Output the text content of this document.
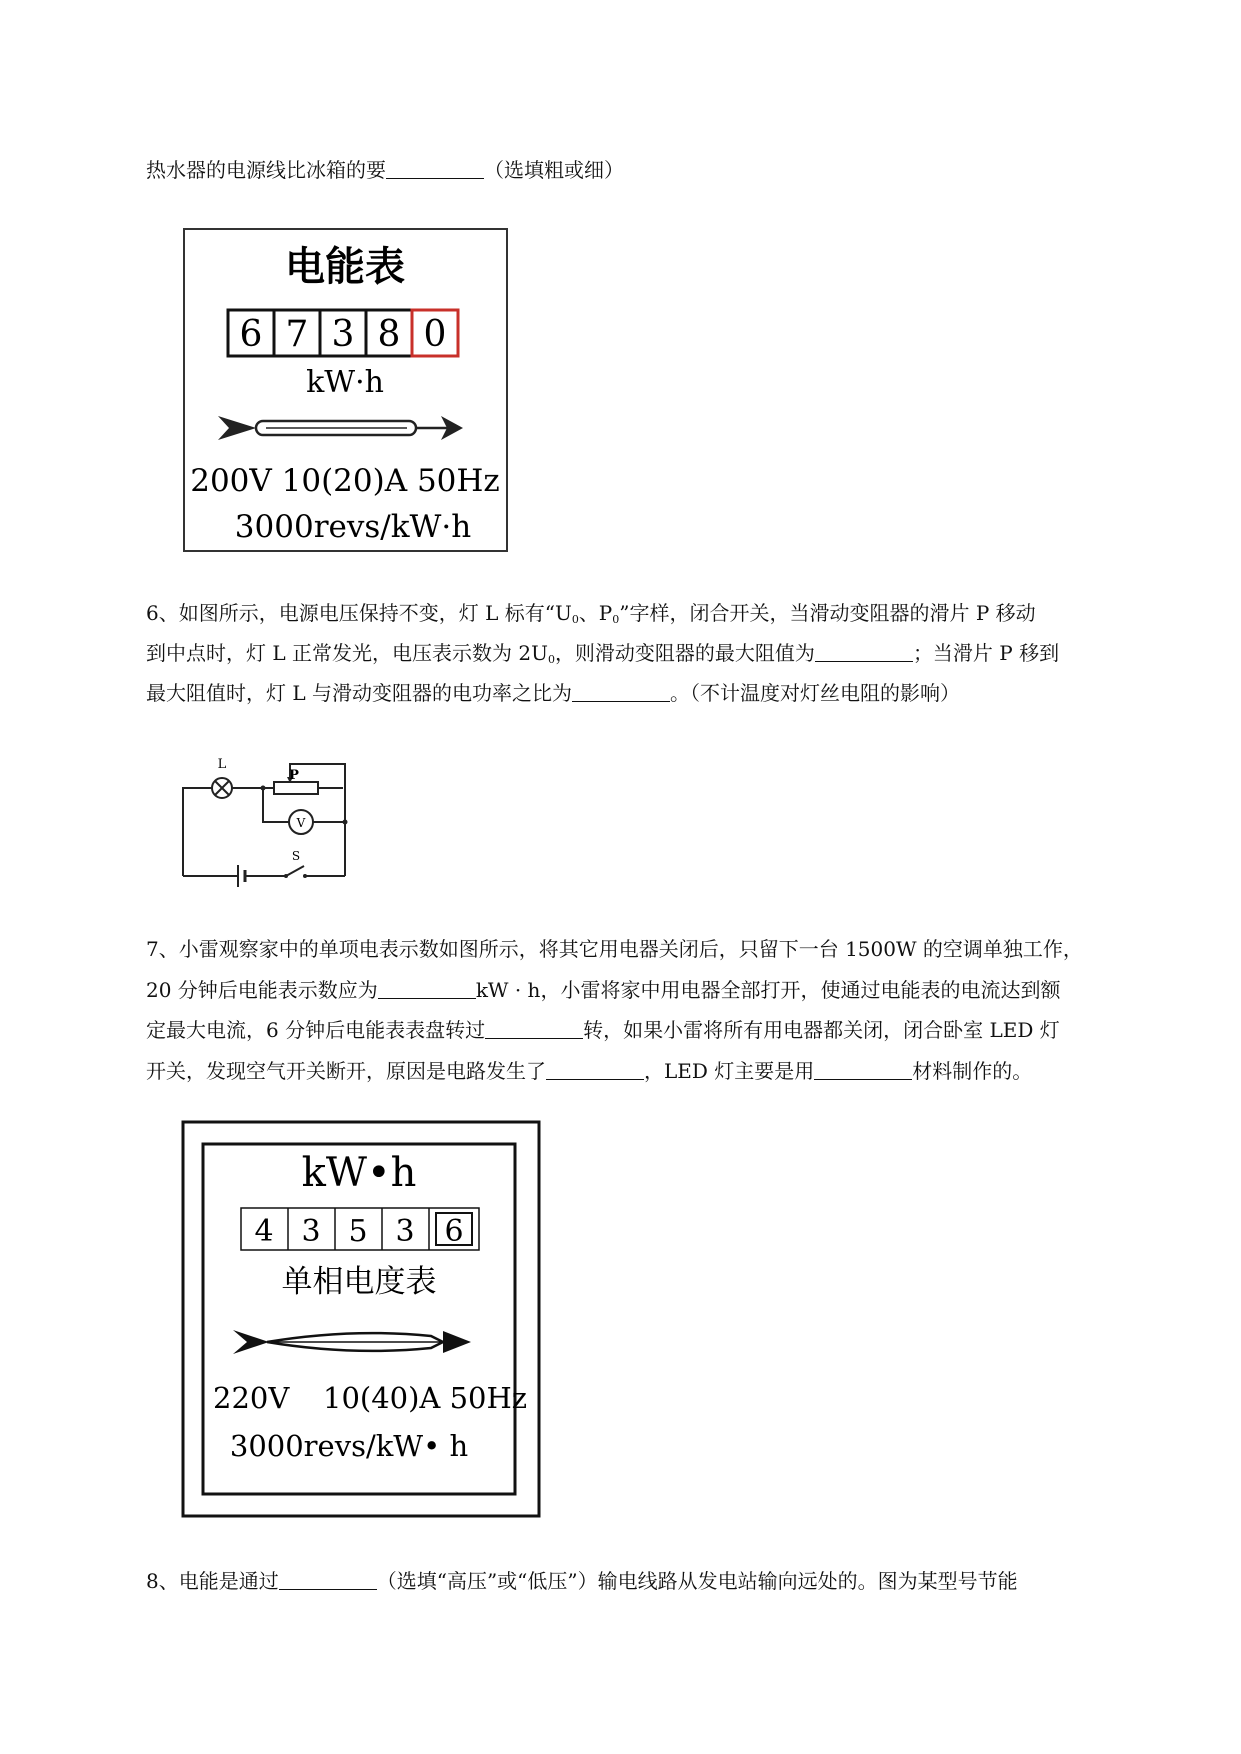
热水器的电源线比冰箱的要	（选填粗或细）
电能表
6 7 3 8 0
kW·h
200V 10(20)A 50Hz
3000revs/kW·h
6、如图所示，电源电压保持不变，灯 L 标有“$U_0$、$P_0$”字样，闭合开关，当滑动变阻器的滑片 P 移动
到中点时，灯 L 正常发光，电压表示数为 $2U_0$，则滑动变阻器的最大阻值为	；当滑片 P 移到
最大阻值时，灯 L 与滑动变阻器的电功率之比为	。（不计温度对灯丝电阻的影响）
L
P
V
S
7、小雷观察家中的单项电表示数如图所示，将其它用电器关闭后，只留下一台 1500W 的空调单独工作，
20 分钟后电能表示数应为	kW · h，小雷将家中用电器全部打开，使通过电能表的电流达到额
定最大电流，6 分钟后电能表表盘转过	转，如果小雷将所有用电器都关闭，闭合卧室 LED 灯
开关，发现空气开关断开，原因是电路发生了	，LED 灯主要是用	材料制作的。
kW•h
4 3 5 3 6
单相电度表
220V 10(40)A 50Hz
3000revs/kW• h
8、电能是通过	（选填“高压”或“低压”）输电线路从发电站输向远处的。图为某型号节能
